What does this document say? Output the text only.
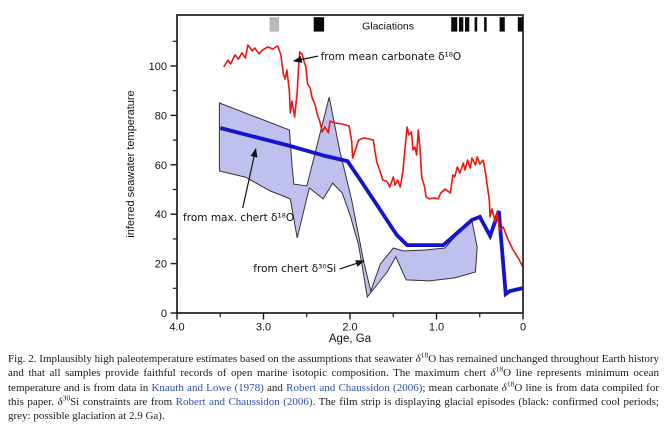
Glaciations
4.0	3.0	2.0	1.0	0
0
20
40
60
80
100
Age, Ga
inferred seawater temperature
from mean carbonate δ¹⁸O
from max. chert δ¹⁸O
from chert δ³⁰Si

Fig. 2. Implausibly high paleotemperature estimates based on the assumptions that seawater $\delta^{18}O$ has remained unchanged throughout Earth history and that all samples provide faithful records of open marine isotopic composition. The maximum chert $\delta^{18}O$ line represents minimum ocean temperature and is from data in Knauth and Lowe (1978) and Robert and Chaussidon (2006); mean carbonate $\delta^{18}O$ line is from data compiled for this paper. $\delta^{30}Si$ constraints are from Robert and Chaussidon (2006). The film strip is displaying glacial episodes (black: confirmed cool periods; grey: possible glaciation at 2.9 Ga).
